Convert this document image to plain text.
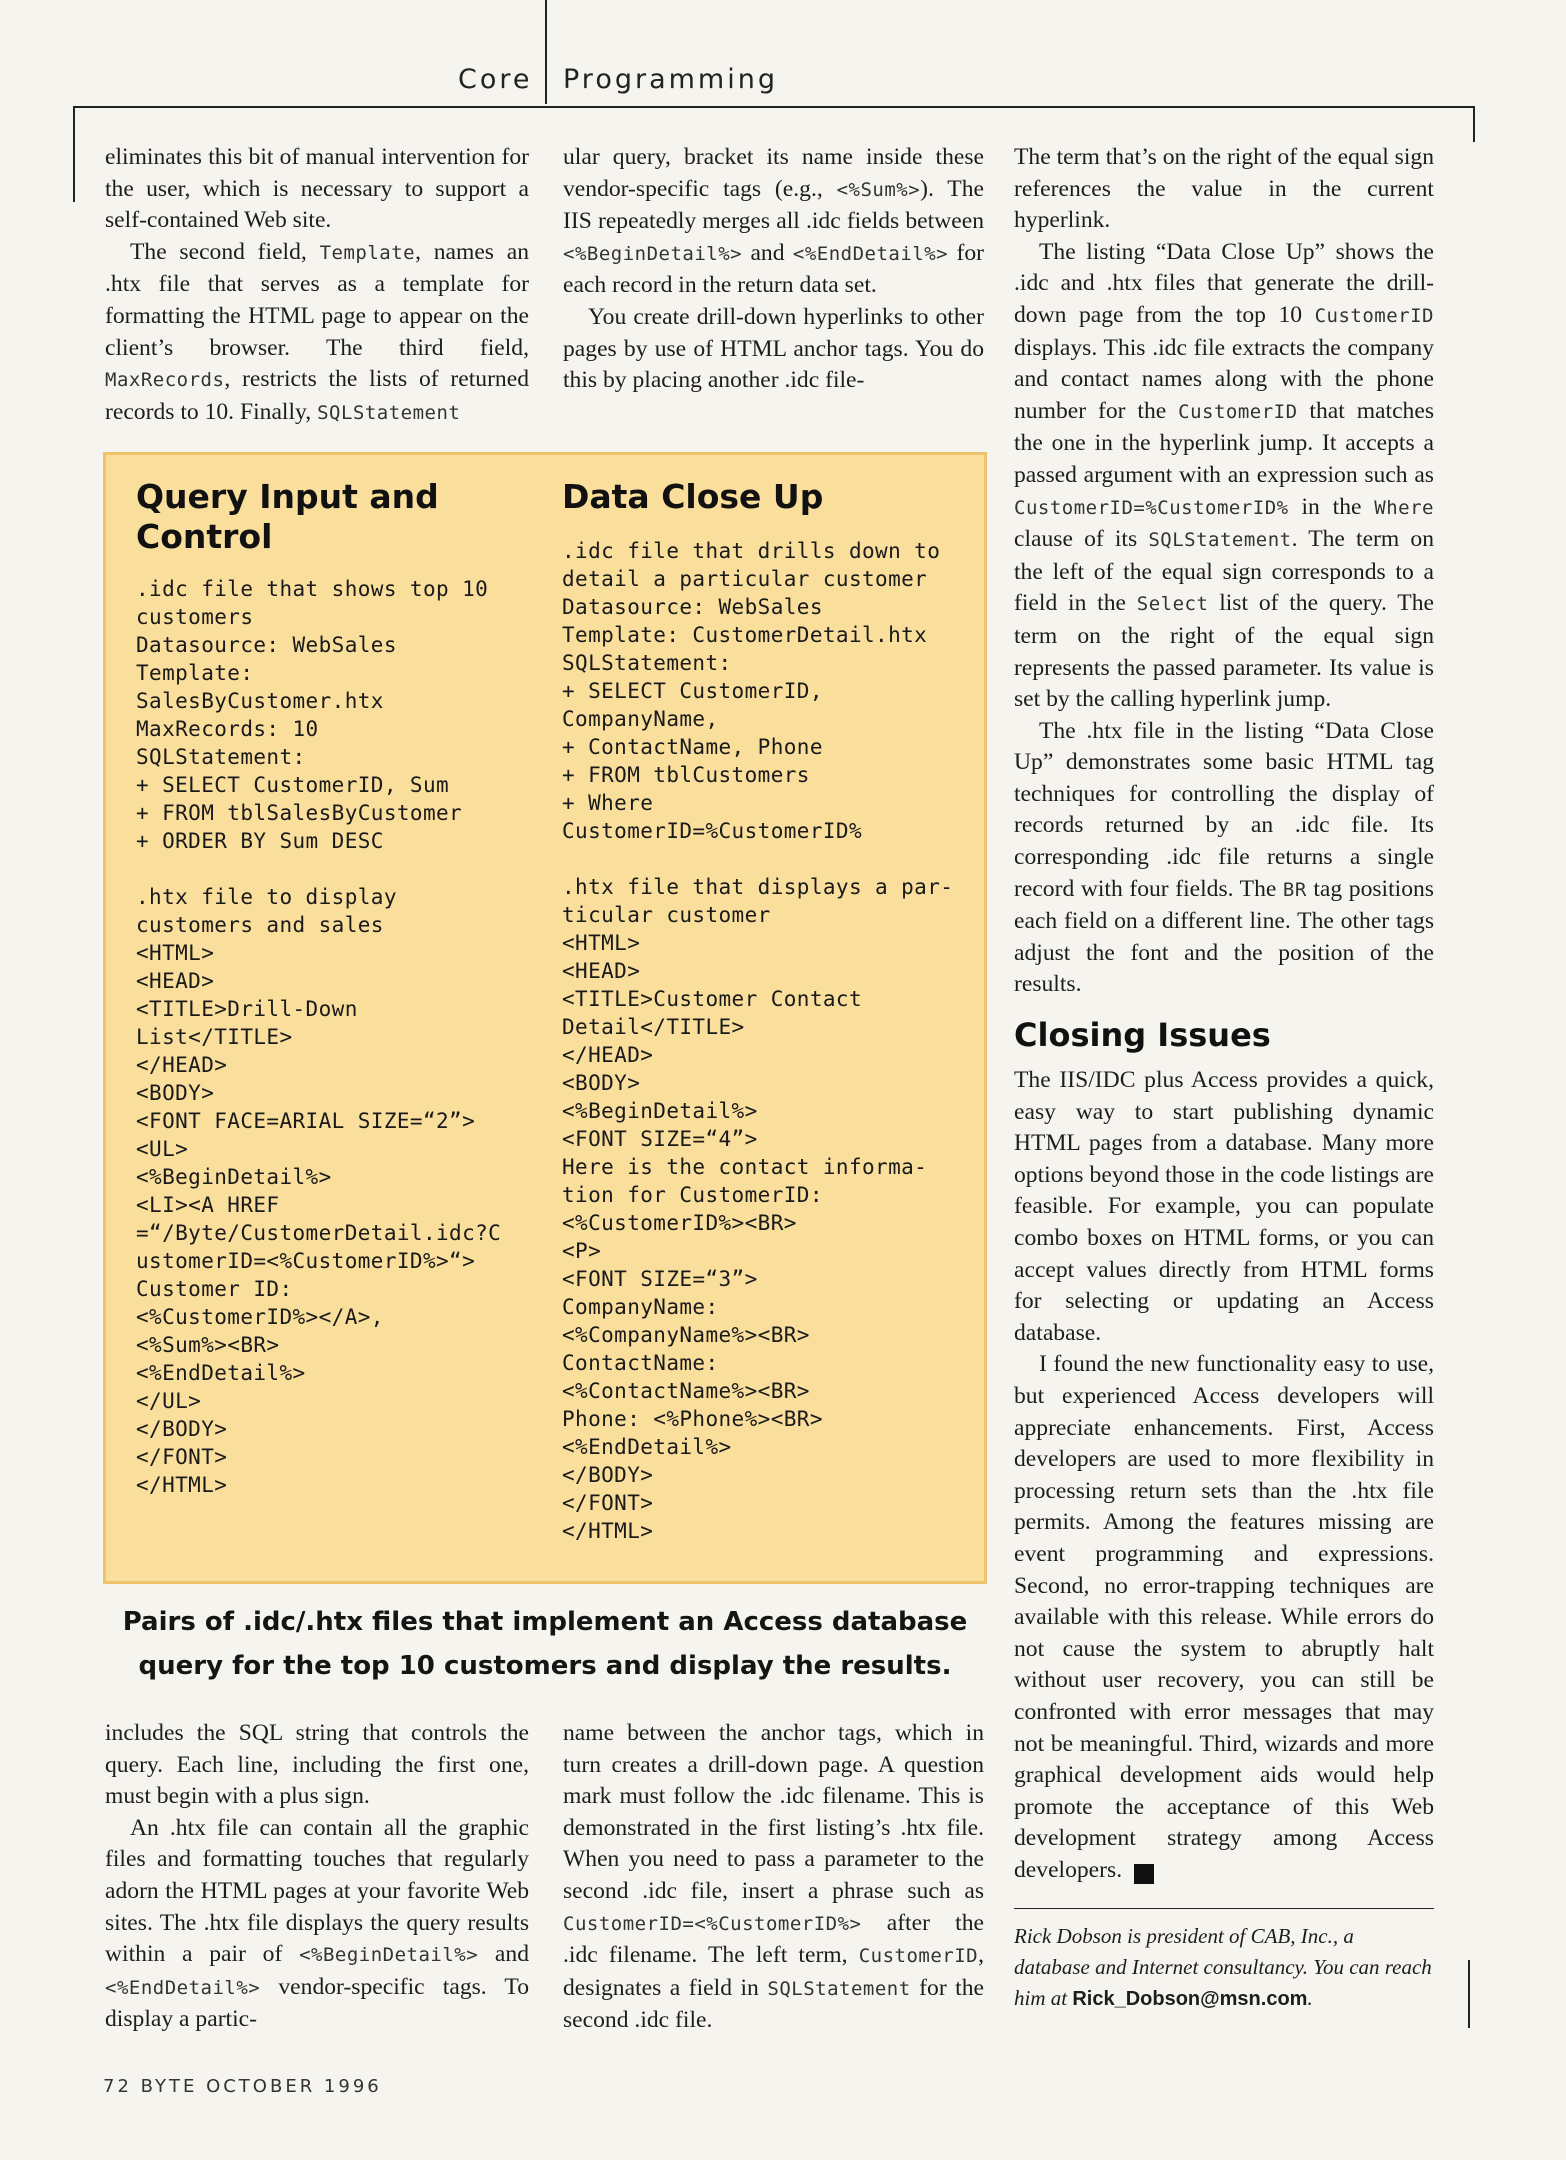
Core Programming

eliminates this bit of manual intervention for the user, which is necessary to support a self-contained Web site.

The second field, Template, names an .htx file that serves as a template for formatting the HTML page to appear on the client’s browser. The third field, MaxRecords, restricts the lists of returned records to 10. Finally, SQLStatement

ular query, bracket its name inside these vendor-specific tags (e.g., <%Sum%>). The IIS repeatedly merges all .idc fields between <%BeginDetail%> and <%EndDetail%> for each record in the return data set.

You create drill-down hyperlinks to other pages by use of HTML anchor tags. You do this by placing another .idc file-

Query Input and Control
.idc file that shows top 10
customers
Datasource: WebSales
Template:
SalesByCustomer.htx
MaxRecords: 10
SQLStatement:
+ SELECT CustomerID, Sum
+ FROM tblSalesByCustomer
+ ORDER BY Sum DESC

.htx file to display
customers and sales
<HTML>
<HEAD>
<TITLE>Drill-Down
List</TITLE>
</HEAD>
<BODY>
<FONT FACE=ARIAL SIZE=“2”>
<UL>
<%BeginDetail%>
<LI><A HREF
=“/Byte/CustomerDetail.idc?C
ustomerID=<%CustomerID%>“>
Customer ID:
<%CustomerID%></A>,
<%Sum%><BR>
<%EndDetail%>
</UL>
</BODY>
</FONT>
</HTML>
Data Close Up
.idc file that drills down to
detail a particular customer
Datasource: WebSales
Template: CustomerDetail.htx
SQLStatement:
+ SELECT CustomerID,
CompanyName,
+ ContactName, Phone
+ FROM tblCustomers
+ Where
CustomerID=%CustomerID%

.htx file that displays a par-
ticular customer
<HTML>
<HEAD>
<TITLE>Customer Contact
Detail</TITLE>
</HEAD>
<BODY>
<%BeginDetail%>
<FONT SIZE=“4”>
Here is the contact informa-
tion for CustomerID:
<%CustomerID%><BR>
<P>
<FONT SIZE=“3”>
CompanyName:
<%CompanyName%><BR>
ContactName:
<%ContactName%><BR>
Phone: <%Phone%><BR>
<%EndDetail%>
</BODY>
</FONT>
</HTML>

Pairs of .idc/.htx files that implement an Access database query for the top 10 customers and display the results.

includes the SQL string that controls the query. Each line, including the first one, must begin with a plus sign.

An .htx file can contain all the graphic files and formatting touches that regularly adorn the HTML pages at your favorite Web sites. The .htx file displays the query results within a pair of <%BeginDetail%> and <%EndDetail%> vendor-specific tags. To display a partic-

name between the anchor tags, which in turn creates a drill-down page. A question mark must follow the .idc filename. This is demonstrated in the first listing’s .htx file. When you need to pass a parameter to the second .idc file, insert a phrase such as CustomerID=<%CustomerID%> after the .idc filename. The left term, CustomerID, designates a field in SQLStatement for the second .idc file.

The term that’s on the right of the equal sign references the value in the current hyperlink.

The listing “Data Close Up” shows the .idc and .htx files that generate the drill-down page from the top 10 CustomerID displays. This .idc file extracts the company and contact names along with the phone number for the CustomerID that matches the one in the hyperlink jump. It accepts a passed argument with an expression such as CustomerID=%CustomerID% in the Where clause of its SQLStatement. The term on the left of the equal sign corresponds to a field in the Select list of the query. The term on the right of the equal sign represents the passed parameter. Its value is set by the calling hyperlink jump.

The .htx file in the listing “Data Close Up” demonstrates some basic HTML tag techniques for controlling the display of records returned by an .idc file. Its corresponding .idc file returns a single record with four fields. The BR tag positions each field on a different line. The other tags adjust the font and the position of the results.

Closing Issues

The IIS/IDC plus Access provides a quick, easy way to start publishing dynamic HTML pages from a database. Many more options beyond those in the code listings are feasible. For example, you can populate combo boxes on HTML forms, or you can accept values directly from HTML forms for selecting or updating an Access database.

I found the new functionality easy to use, but experienced Access developers will appreciate enhancements. First, Access developers are used to more flexibility in processing return sets than the .htx file permits. Among the features missing are event programming and expressions. Second, no error-trapping techniques are available with this release. While errors do not cause the system to abruptly halt without user recovery, you can still be confronted with error messages that may not be meaningful. Third, wizards and more graphical development aids would help promote the acceptance of this Web development strategy among Access developers. B

Rick Dobson is president of CAB, Inc., a database and Internet consultancy. You can reach him at Rick_Dobson@msn.com.

72 BYTE OCTOBER 1996
